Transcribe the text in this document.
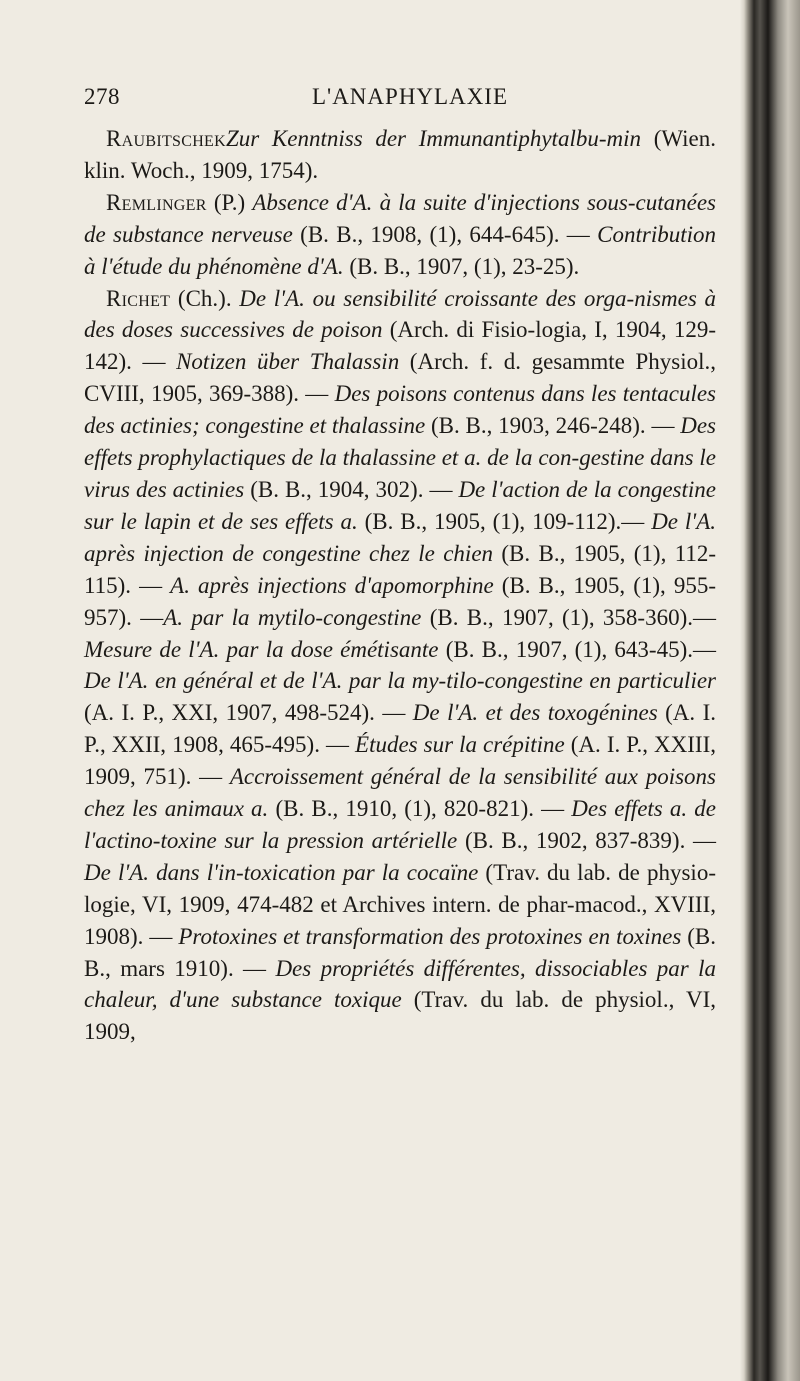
278	L'ANAPHYLAXIE

RaubitschekZur Kenntniss der Immunantiphytalbu-min (Wien. klin. Woch., 1909, 1754).

Remlinger (P.) Absence d'A. à la suite d'injections sous-cutanées de substance nerveuse (B. B., 1908, (1), 644-645). — Contribution à l'étude du phénomène d'A. (B. B., 1907, (1), 23-25).

Richet (Ch.). De l'A. ou sensibilité croissante des orga-nismes à des doses successives de poison (Arch. di Fisio-logia, I, 1904, 129-142). — Notizen über Thalassin (Arch. f. d. gesammte Physiol., CVIII, 1905, 369-388). — Des poisons contenus dans les tentacules des actinies; congestine et thalassine (B. B., 1903, 246-248). — Des effets prophylactiques de la thalassine et a. de la con-gestine dans le virus des actinies (B. B., 1904, 302). — De l'action de la congestine sur le lapin et de ses effets a. (B. B., 1905, (1), 109-112).— De l'A. après injection de congestine chez le chien (B. B., 1905, (1), 112-115). — A. après injections d'apomorphine (B. B., 1905, (1), 955-957). —A. par la mytilo-congestine (B. B., 1907, (1), 358-360).—Mesure de l'A. par la dose émétisante (B. B., 1907, (1), 643-45).—De l'A. en général et de l'A. par la my-tilo-congestine en particulier (A. I. P., XXI, 1907, 498-524). — De l'A. et des toxogénines (A. I. P., XXII, 1908, 465-495). — Études sur la crépitine (A. I. P., XXIII, 1909, 751). — Accroissement général de la sensibilité aux poisons chez les animaux a. (B. B., 1910, (1), 820-821). — Des effets a. de l'actino-toxine sur la pression artérielle (B. B., 1902, 837-839). — De l'A. dans l'in-toxication par la cocaïne (Trav. du lab. de physio-logie, VI, 1909, 474-482 et Archives intern. de phar-macod., XVIII, 1908). — Protoxines et transformation des protoxines en toxines (B. B., mars 1910). — Des propriétés différentes, dissociables par la chaleur, d'une substance toxique (Trav. du lab. de physiol., VI, 1909,
